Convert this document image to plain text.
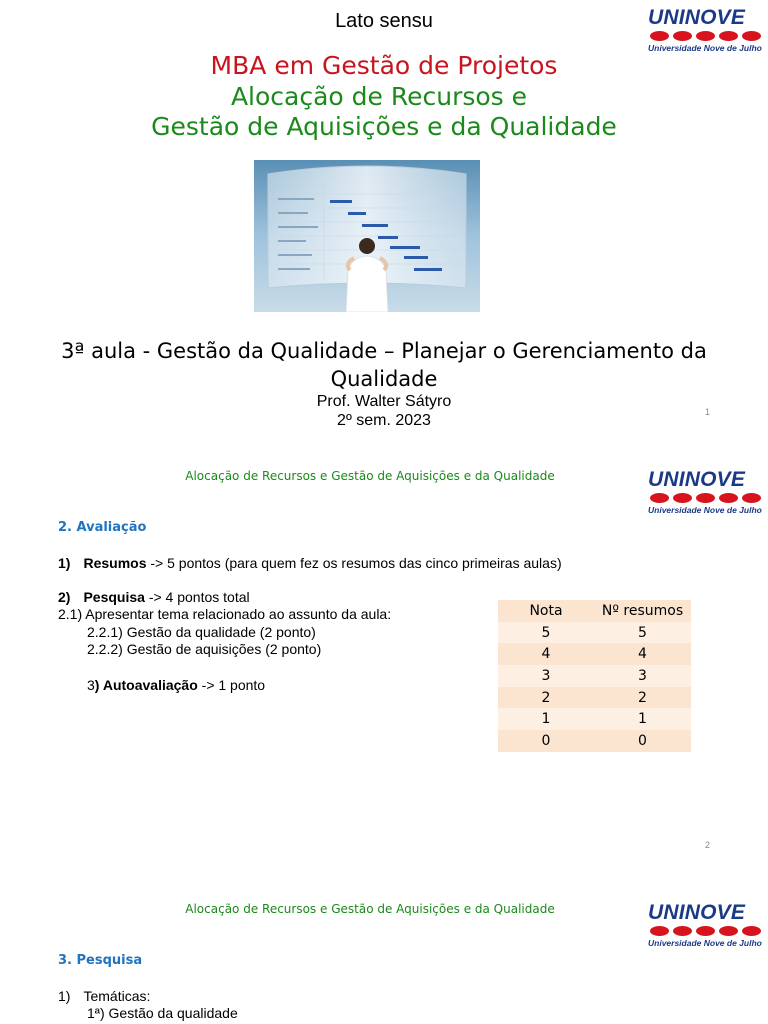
UNINOVE
Universidade Nove de Julho
Lato sensu
MBA em Gestão de Projetos
Alocação de Recursos e
Gestão de Aquisições e da Qualidade
3ª aula - Gestão da Qualidade – Planejar o Gerenciamento da
Qualidade
Prof. Walter Sátyro
2º sem. 2023	1
Alocação de Recursos e Gestão de Aquisições e da Qualidade	UNINOVE
Universidade Nove de Julho
2. Avaliação
1) Resumos -> 5 pontos (para quem fez os resumos das cinco primeiras aulas)
2) Pesquisa -> 4 pontos total
2.1) Apresentar tema relacionado ao assunto da aula:
2.2.1) Gestão da qualidade (2 ponto)
2.2.2) Gestão de aquisições (2 ponto)
3) Autoavaliação -> 1 ponto
Nota	Nº resumos
5	5
4	4
3	3
2	2
1	1
0	0
2
Alocação de Recursos e Gestão de Aquisições e da Qualidade	UNINOVE
Universidade Nove de Julho
3. Pesquisa
1) Temáticas:
1ª) Gestão da qualidade
